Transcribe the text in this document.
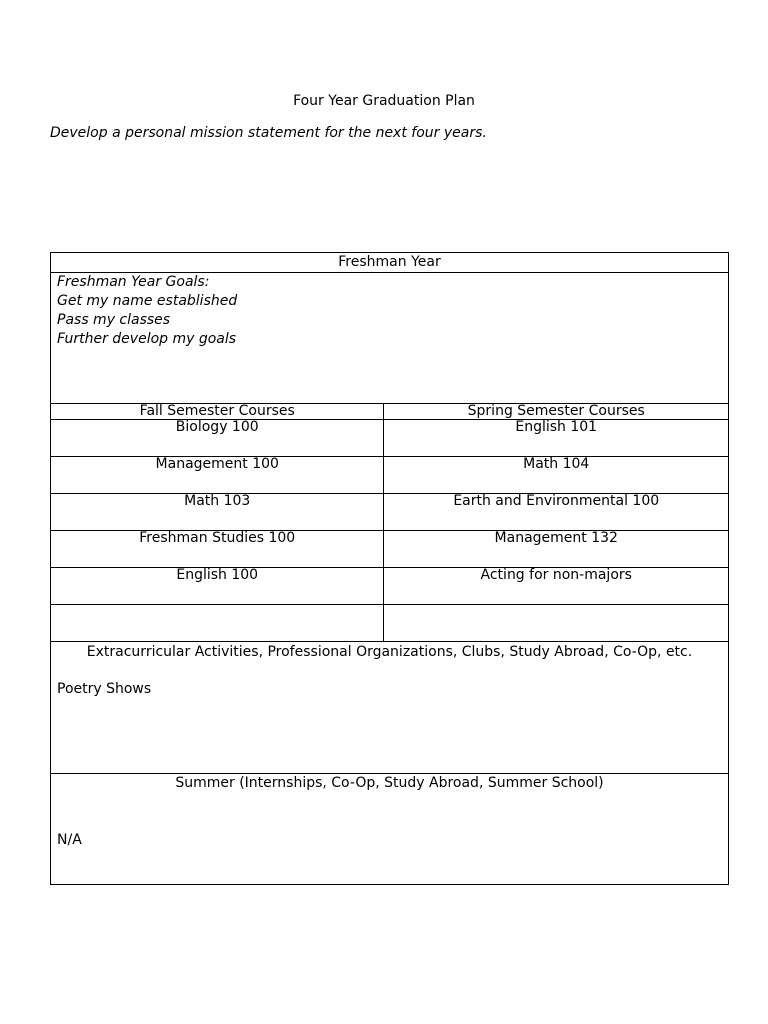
Four Year Graduation Plan
Develop a personal mission statement for the next four years.
Freshman Year	

Freshman Year Goals:
Get my name established
Pass my classes
Further develop my goals	

Fall Semester Courses	Spring Semester Courses
Biology 100	English 101
Management 100	Math 104
Math 103	Earth and Environmental 100
Freshman Studies 100	Management 132
English 100	Acting for non-majors

Extracurricular Activities, Professional Organizations, Clubs, Study Abroad, Co-Op, etc.
Poetry Shows	

Summer (Internships, Co-Op, Study Abroad, Summer School)
N/A	
